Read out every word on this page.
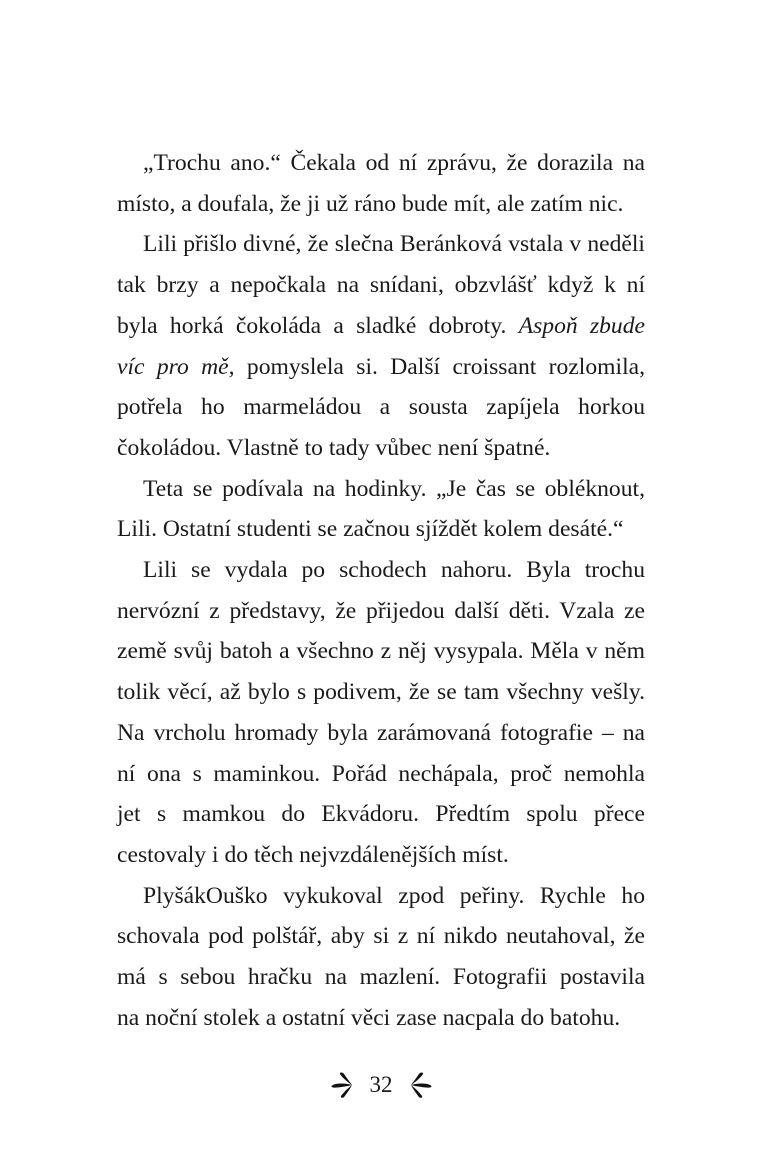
„Trochu ano.“ Čekala od ní zprávu, že dorazila na
místo, a doufala, že ji už ráno bude mít, ale zatím nic.
Lili přišlo divné, že slečna Beránková vstala v neděli
tak brzy a nepočkala na snídani, obzvlášť když k ní
byla horká čokoláda a sladké dobroty. Aspoň zbude
víc pro mě, pomyslela si. Další croissant rozlomila,
potřela ho marmeládou a sousta zapíjela horkou
čokoládou. Vlastně to tady vůbec není špatné.
Teta se podívala na hodinky. „Je čas se obléknout,
Lili. Ostatní studenti se začnou sjíždět kolem desáté.“
Lili se vydala po schodech nahoru. Byla trochu
nervózní z představy, že přijedou další děti. Vzala ze
země svůj batoh a všechno z něj vysypala. Měla v něm
tolik věcí, až bylo s podivem, že se tam všechny vešly.
Na vrcholu hromady byla zarámovaná fotografie – na
ní ona s maminkou. Pořád nechápala, proč nemohla
jet s mamkou do Ekvádoru. Předtím spolu přece
cestovaly i do těch nejvzdálenějších míst.
PlyšákOuško vykukoval zpod peřiny. Rychle ho
schovala pod polštář, aby si z ní nikdo neutahoval, že
má s sebou hračku na mazlení. Fotografii postavila
na noční stolek a ostatní věci zase nacpala do batohu.
32
